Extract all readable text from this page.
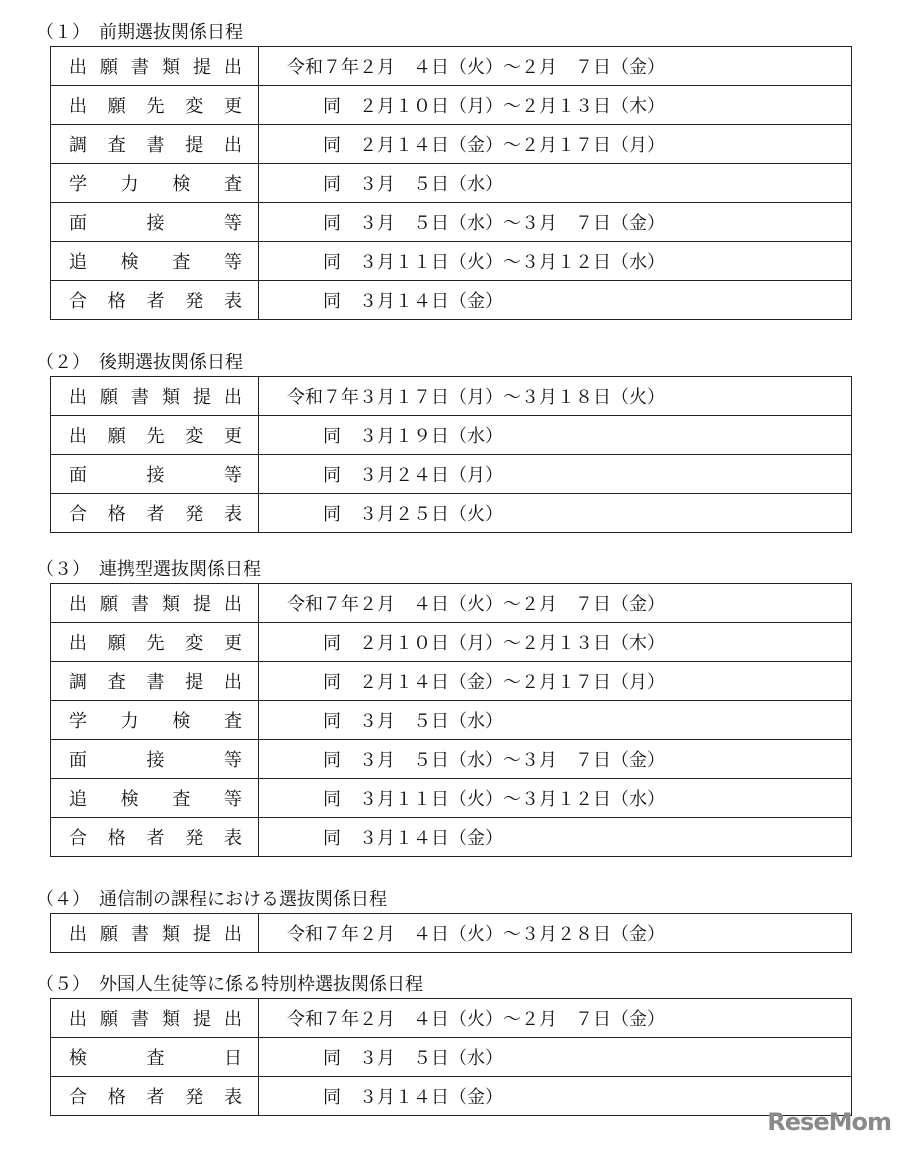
（１）　前期選抜関係日程
出願書類提出	令和７年２月　４日（火）～２月　７日（金）
出願先変更	　　同　２月１０日（月）～２月１３日（木）
調査書提出	　　同　２月１４日（金）～２月１７日（月）
学力検査	　　同　３月　５日（水）
面接等	　　同　３月　５日（水）～３月　７日（金）
追検査等	　　同　３月１１日（火）～３月１２日（水）
合格者発表	　　同　３月１４日（金）
（２）　後期選抜関係日程
出願書類提出	令和７年３月１７日（月）～３月１８日（火）
出願先変更	　　同　３月１９日（水）
面接等	　　同　３月２４日（月）
合格者発表	　　同　３月２５日（火）
（３）　連携型選抜関係日程
出願書類提出	令和７年２月　４日（火）～２月　７日（金）
出願先変更	　　同　２月１０日（月）～２月１３日（木）
調査書提出	　　同　２月１４日（金）～２月１７日（月）
学力検査	　　同　３月　５日（水）
面接等	　　同　３月　５日（水）～３月　７日（金）
追検査等	　　同　３月１１日（火）～３月１２日（水）
合格者発表	　　同　３月１４日（金）
（４）　通信制の課程における選抜関係日程
出願書類提出	令和７年２月　４日（火）～３月２８日（金）
（５）　外国人生徒等に係る特別枠選抜関係日程
出願書類提出	令和７年２月　４日（火）～２月　７日（金）
検査日	　　同　３月　５日（水）
合格者発表	　　同　３月１４日（金）
ReseMom
